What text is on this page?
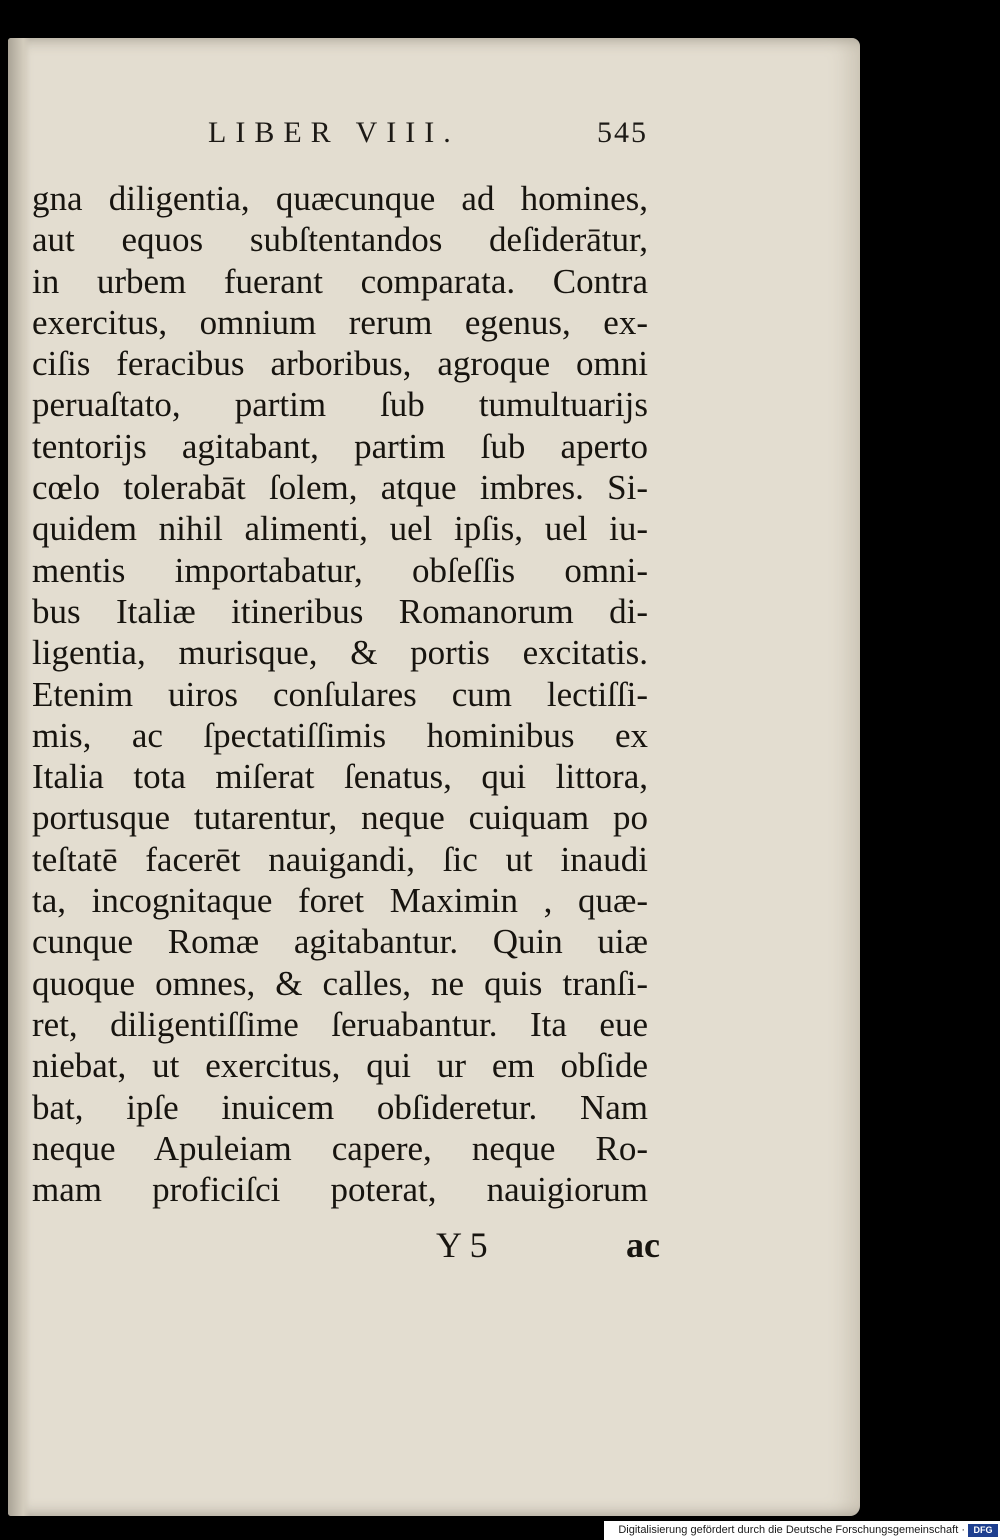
LIBER VIII.	545
gna diligentia, quæcunque ad homines,
aut equos subſtentandos deſiderātur,
in urbem fuerant comparata. Contra
exercitus, omnium rerum egenus, ex-
ciſis feracibus arboribus, agroque omni
peruaſtato, partim ſub tumultuarijs
tentorijs agitabant, partim ſub aperto
cœlo tolerabāt ſolem, atque imbres. Si-
quidem nihil alimenti, uel ipſis, uel iu-
mentis importabatur, obſeſſis omni-
bus Italiæ itineribus Romanorum di-
ligentia, murisque, & portis excitatis.
Etenim uiros conſulares cum lectiſſi-
mis, ac ſpectatiſſimis hominibus ex
Italia tota miſerat ſenatus, qui littora,
portusque tutarentur, neque cuiquam po
teſtatē facerēt nauigandi, ſic ut inaudi
ta, incognitaque foret Maximin , quæ-
cunque Romæ agitabantur. Quin uiæ
quoque omnes, & calles, ne quis tranſi-
ret, diligentiſſime ſeruabantur. Ita eue
niebat, ut exercitus, qui ur em obſide
bat, ipſe inuicem obſideretur. Nam
neque Apuleiam capere, neque Ro-
mam proficiſci poterat, nauigiorum
Y 5	ac
Digitalisierung gefördert durch die Deutsche Forschungsgemeinschaft · DFG
